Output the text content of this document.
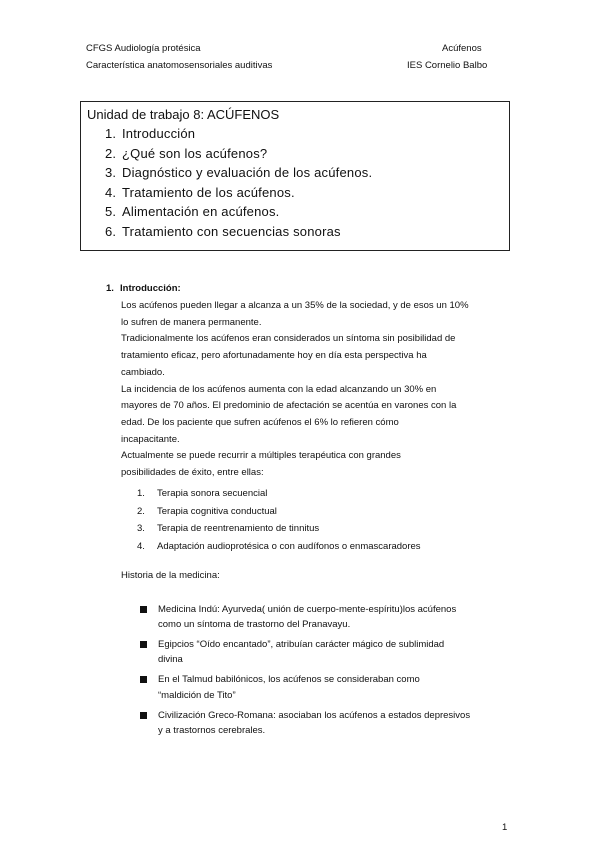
CFGS Audiología protésica
Característica anatomosensoriales auditivas
Acúfenos
IES Cornelio Balbo
Unidad de trabajo 8: ACÚFENOS
1. Introducción
2. ¿Qué son los acúfenos?
3. Diagnóstico y evaluación de los acúfenos.
4. Tratamiento de los acúfenos.
5. Alimentación en acúfenos.
6. Tratamiento con secuencias sonoras
1. Introducción:
Los acúfenos pueden llegar a alcanza a un 35% de la sociedad, y de esos un 10%
lo sufren de manera permanente.
Tradicionalmente los acúfenos eran considerados un síntoma sin posibilidad de
tratamiento eficaz, pero afortunadamente hoy en día esta perspectiva ha
cambiado.
La incidencia de los acúfenos aumenta con la edad alcanzando un 30% en
mayores de 70 años. El predominio de afectación se acentúa en varones con la
edad. De los paciente que sufren acúfenos el 6% lo refieren cómo
incapacitante.
Actualmente se puede recurrir a múltiples terapéutica con grandes
posibilidades de éxito, entre ellas:
1. Terapia sonora secuencial
2. Terapia cognitiva conductual
3. Terapia de reentrenamiento de tinnitus
4. Adaptación audioprotésica o con audífonos o enmascaradores
Historia de la medicina:
Medicina Indú: Ayurveda( unión de cuerpo-mente-espíritu)los acúfenos
como un síntoma de trastorno del Pranavayu.
Egipcios “Oído encantado”, atribuían carácter mágico de sublimidad
divina
En el Talmud babilónicos, los acúfenos se consideraban como
“maldición de Tito”
Civilización Greco-Romana: asociaban los acúfenos a estados depresivos
y a trastornos cerebrales.
1
